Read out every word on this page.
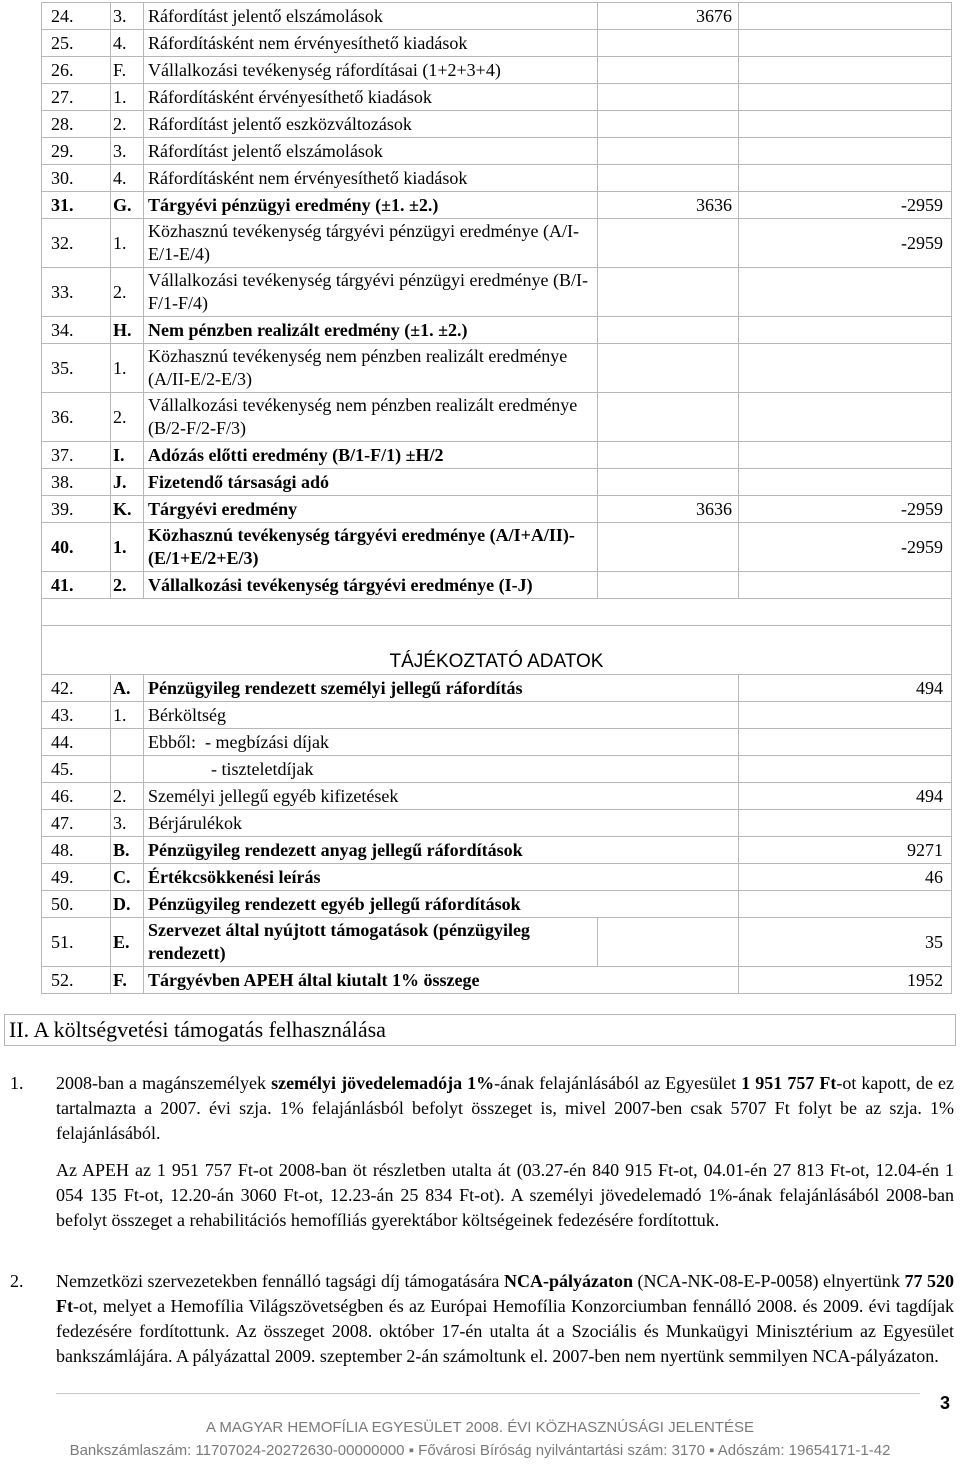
24.	3.	Ráfordítást jelentő elszámolások	3676	
25.	4.	Ráfordításként nem érvényesíthető kiadások		
26.	F.	Vállalkozási tevékenység ráfordításai (1+2+3+4)		
27.	1.	Ráfordításként érvényesíthető kiadások		
28.	2.	Ráfordítást jelentő eszközváltozások		
29.	3.	Ráfordítást jelentő elszámolások		
30.	4.	Ráfordításként nem érvényesíthető kiadások		
31.	G.	Tárgyévi pénzügyi eredmény (±1. ±2.)	3636	-2959
32.	1.	Közhasznú tevékenység tárgyévi pénzügyi eredménye (A/I-E/1-E/4)		-2959
33.	2.	Vállalkozási tevékenység tárgyévi pénzügyi eredménye (B/I-F/1-F/4)		
34.	H.	Nem pénzben realizált eredmény (±1. ±2.)		
35.	1.	Közhasznú tevékenység nem pénzben realizált eredménye (A/II-E/2-E/3)		
36.	2.	Vállalkozási tevékenység nem pénzben realizált eredménye (B/2-F/2-F/3)		
37.	I.	Adózás előtti eredmény (B/1-F/1) ±H/2		
38.	J.	Fizetendő társasági adó		
39.	K.	Tárgyévi eredmény	3636	-2959
40.	1.	Közhasznú tevékenység tárgyévi eredménye (A/I+A/II)-(E/1+E/2+E/3)		-2959
41.	2.	Vállalkozási tevékenység tárgyévi eredménye (I-J)		

TÁJÉKOZTATÓ ADATOK				
42.	A.	Pénzügyileg rendezett személyi jellegű ráfordítás		494
43.	1.	Bérköltség		
44.		Ebből:  - megbízási díjak		
45.		- tiszteletdíjak		
46.	2.	Személyi jellegű egyéb kifizetések		494
47.	3.	Bérjárulékok		
48.	B.	Pénzügyileg rendezett anyag jellegű ráfordítások		9271
49.	C.	Értékcsökkenési leírás		46
50.	D.	Pénzügyileg rendezett egyéb jellegű ráfordítások		
51.	E.	Szervezet által nyújtott támogatások (pénzügyileg rendezett)		35
52.	F.	Tárgyévben APEH által kiutalt 1% összege		1952
II. A költségvetési támogatás felhasználása
1. 2008-ban a magánszemélyek személyi jövedelemadója 1%-ának felajánlásából az Egyesület 1 951 757 Ft-ot kapott, de ez tartalmazta a 2007. évi szja. 1% felajánlásból befolyt összeget is, mivel 2007-ben csak 5707 Ft folyt be az szja. 1% felajánlásából.
Az APEH az 1 951 757 Ft-ot 2008-ban öt részletben utalta át (03.27-én 840 915 Ft-ot, 04.01-én 27 813 Ft-ot, 12.04-én 1 054 135 Ft-ot, 12.20-án 3060 Ft-ot, 12.23-án 25 834 Ft-ot). A személyi jövedelemadó 1%-ának felajánlásából 2008-ban befolyt összeget a rehabilitációs hemofíliás gyerektábor költségeinek fedezésére fordítottuk.
2. Nemzetközi szervezetekben fennálló tagsági díj támogatására NCA-pályázaton (NCA-NK-08-E-P-0058) elnyertünk 77 520 Ft-ot, melyet a Hemofília Világszövetségben és az Európai Hemofília Konzorciumban fennálló 2008. és 2009. évi tagdíjak fedezésére fordítottunk. Az összeget 2008. október 17-én utalta át a Szociális és Munkaügyi Minisztérium az Egyesület bankszámlájára. A pályázattal 2009. szeptember 2-án számoltunk el. 2007-ben nem nyertünk semmilyen NCA-pályázaton.
3
A MAGYAR HEMOFÍLIA EGYESÜLET 2008. ÉVI KÖZHASZNÚSÁGI JELENTÉSE
Bankszámlaszám: 11707024-20272630-00000000 ▪ Fővárosi Bíróság nyilvántartási szám: 3170 ▪ Adószám: 19654171-1-42
